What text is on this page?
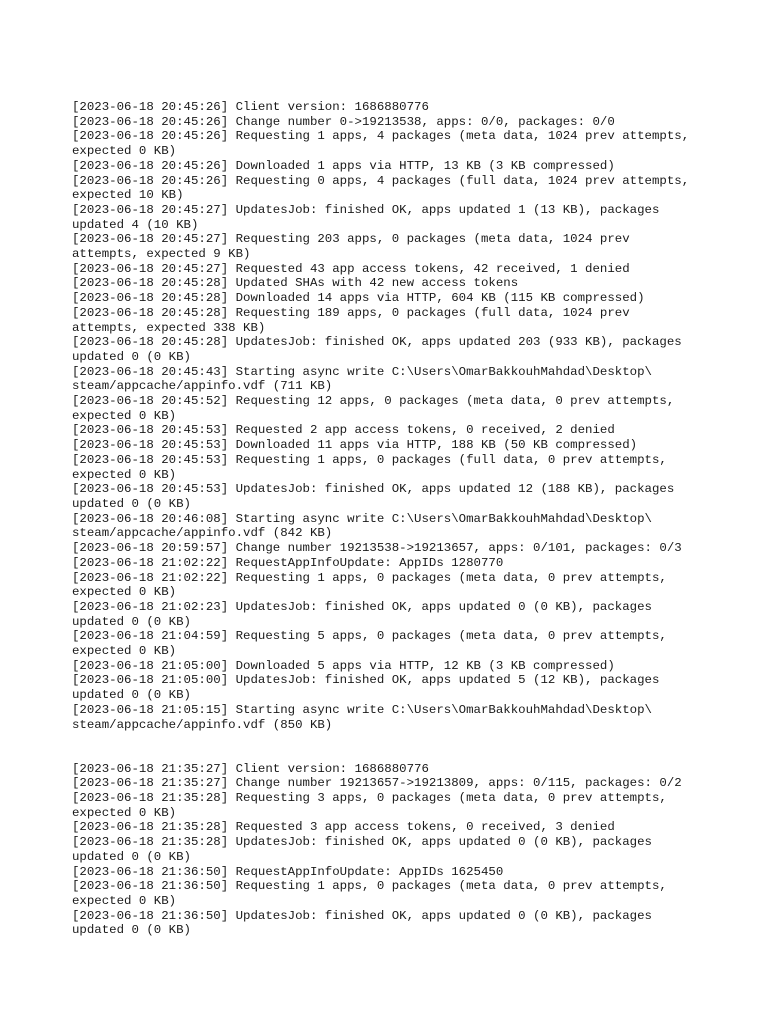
[2023-06-18 20:45:26] Client version: 1686880776
[2023-06-18 20:45:26] Change number 0->19213538, apps: 0/0, packages: 0/0
[2023-06-18 20:45:26] Requesting 1 apps, 4 packages (meta data, 1024 prev attempts,
expected 0 KB)
[2023-06-18 20:45:26] Downloaded 1 apps via HTTP, 13 KB (3 KB compressed)
[2023-06-18 20:45:26] Requesting 0 apps, 4 packages (full data, 1024 prev attempts,
expected 10 KB)
[2023-06-18 20:45:27] UpdatesJob: finished OK, apps updated 1 (13 KB), packages
updated 4 (10 KB)
[2023-06-18 20:45:27] Requesting 203 apps, 0 packages (meta data, 1024 prev
attempts, expected 9 KB)
[2023-06-18 20:45:27] Requested 43 app access tokens, 42 received, 1 denied
[2023-06-18 20:45:28] Updated SHAs with 42 new access tokens
[2023-06-18 20:45:28] Downloaded 14 apps via HTTP, 604 KB (115 KB compressed)
[2023-06-18 20:45:28] Requesting 189 apps, 0 packages (full data, 1024 prev
attempts, expected 338 KB)
[2023-06-18 20:45:28] UpdatesJob: finished OK, apps updated 203 (933 KB), packages
updated 0 (0 KB)
[2023-06-18 20:45:43] Starting async write C:\Users\OmarBakkouhMahdad\Desktop\
steam/appcache/appinfo.vdf (711 KB)
[2023-06-18 20:45:52] Requesting 12 apps, 0 packages (meta data, 0 prev attempts,
expected 0 KB)
[2023-06-18 20:45:53] Requested 2 app access tokens, 0 received, 2 denied
[2023-06-18 20:45:53] Downloaded 11 apps via HTTP, 188 KB (50 KB compressed)
[2023-06-18 20:45:53] Requesting 1 apps, 0 packages (full data, 0 prev attempts,
expected 0 KB)
[2023-06-18 20:45:53] UpdatesJob: finished OK, apps updated 12 (188 KB), packages
updated 0 (0 KB)
[2023-06-18 20:46:08] Starting async write C:\Users\OmarBakkouhMahdad\Desktop\
steam/appcache/appinfo.vdf (842 KB)
[2023-06-18 20:59:57] Change number 19213538->19213657, apps: 0/101, packages: 0/3
[2023-06-18 21:02:22] RequestAppInfoUpdate: AppIDs 1280770
[2023-06-18 21:02:22] Requesting 1 apps, 0 packages (meta data, 0 prev attempts,
expected 0 KB)
[2023-06-18 21:02:23] UpdatesJob: finished OK, apps updated 0 (0 KB), packages
updated 0 (0 KB)
[2023-06-18 21:04:59] Requesting 5 apps, 0 packages (meta data, 0 prev attempts,
expected 0 KB)
[2023-06-18 21:05:00] Downloaded 5 apps via HTTP, 12 KB (3 KB compressed)
[2023-06-18 21:05:00] UpdatesJob: finished OK, apps updated 5 (12 KB), packages
updated 0 (0 KB)
[2023-06-18 21:05:15] Starting async write C:\Users\OmarBakkouhMahdad\Desktop\
steam/appcache/appinfo.vdf (850 KB)
[2023-06-18 21:35:27] Client version: 1686880776
[2023-06-18 21:35:27] Change number 19213657->19213809, apps: 0/115, packages: 0/2
[2023-06-18 21:35:28] Requesting 3 apps, 0 packages (meta data, 0 prev attempts,
expected 0 KB)
[2023-06-18 21:35:28] Requested 3 app access tokens, 0 received, 3 denied
[2023-06-18 21:35:28] UpdatesJob: finished OK, apps updated 0 (0 KB), packages
updated 0 (0 KB)
[2023-06-18 21:36:50] RequestAppInfoUpdate: AppIDs 1625450
[2023-06-18 21:36:50] Requesting 1 apps, 0 packages (meta data, 0 prev attempts,
expected 0 KB)
[2023-06-18 21:36:50] UpdatesJob: finished OK, apps updated 0 (0 KB), packages
updated 0 (0 KB)
